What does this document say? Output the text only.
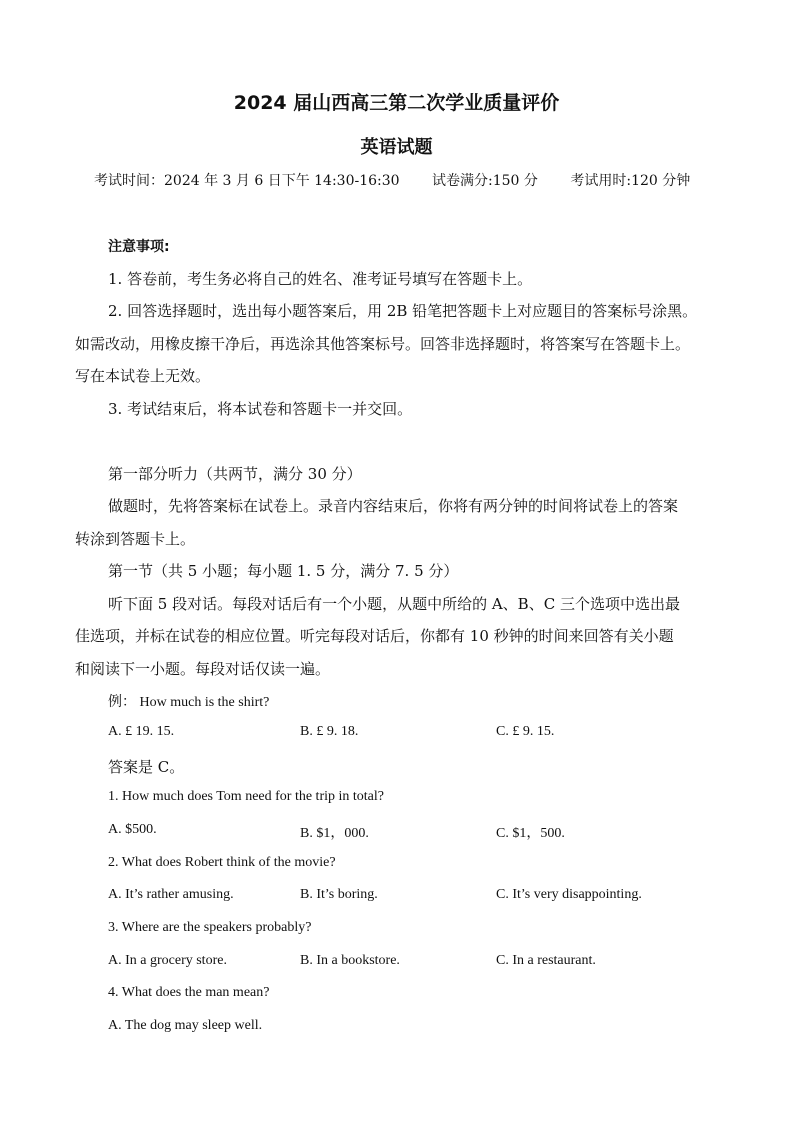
2024 届山西高三第二次学业质量评价
英语试题
考试时间：2024 年 3 月 6 日下午 14:30-16:30 试卷满分:150 分 考试用时:120 分钟
注意事项:
1. 答卷前，考生务必将自己的姓名、准考证号填写在答题卡上。
2. 回答选择题时，选出每小题答案后，用 2B 铅笔把答题卡上对应题目的答案标号涂黑。
如需改动，用橡皮擦干净后，再选涂其他答案标号。回答非选择题时，将答案写在答题卡上。
写在本试卷上无效。
3. 考试结束后，将本试卷和答题卡一并交回。
第一部分听力（共两节，满分 30 分）
做题时，先将答案标在试卷上。录音内容结束后，你将有两分钟的时间将试卷上的答案
转涂到答题卡上。
第一节（共 5 小题；每小题 1. 5 分，满分 7. 5 分）
听下面 5 段对话。每段对话后有一个小题，从题中所给的 A、B、C 三个选项中选出最
佳选项，并标在试卷的相应位置。听完每段对话后，你都有 10 秒钟的时间来回答有关小题
和阅读下一小题。每段对话仅读一遍。
例： How much is the shirt?
A. £ 19. 15.	B. £ 9. 18.	C. £ 9. 15.
答案是 C。
1. How much does Tom need for the trip in total?
A. $500.	B. $1，000.	C. $1，500.
2. What does Robert think of the movie?
A. It’s rather amusing.	B. It’s boring.	C. It’s very disappointing.
3. Where are the speakers probably?
A. In a grocery store.	B. In a bookstore.	C. In a restaurant.
4. What does the man mean?
A. The dog may sleep well.
